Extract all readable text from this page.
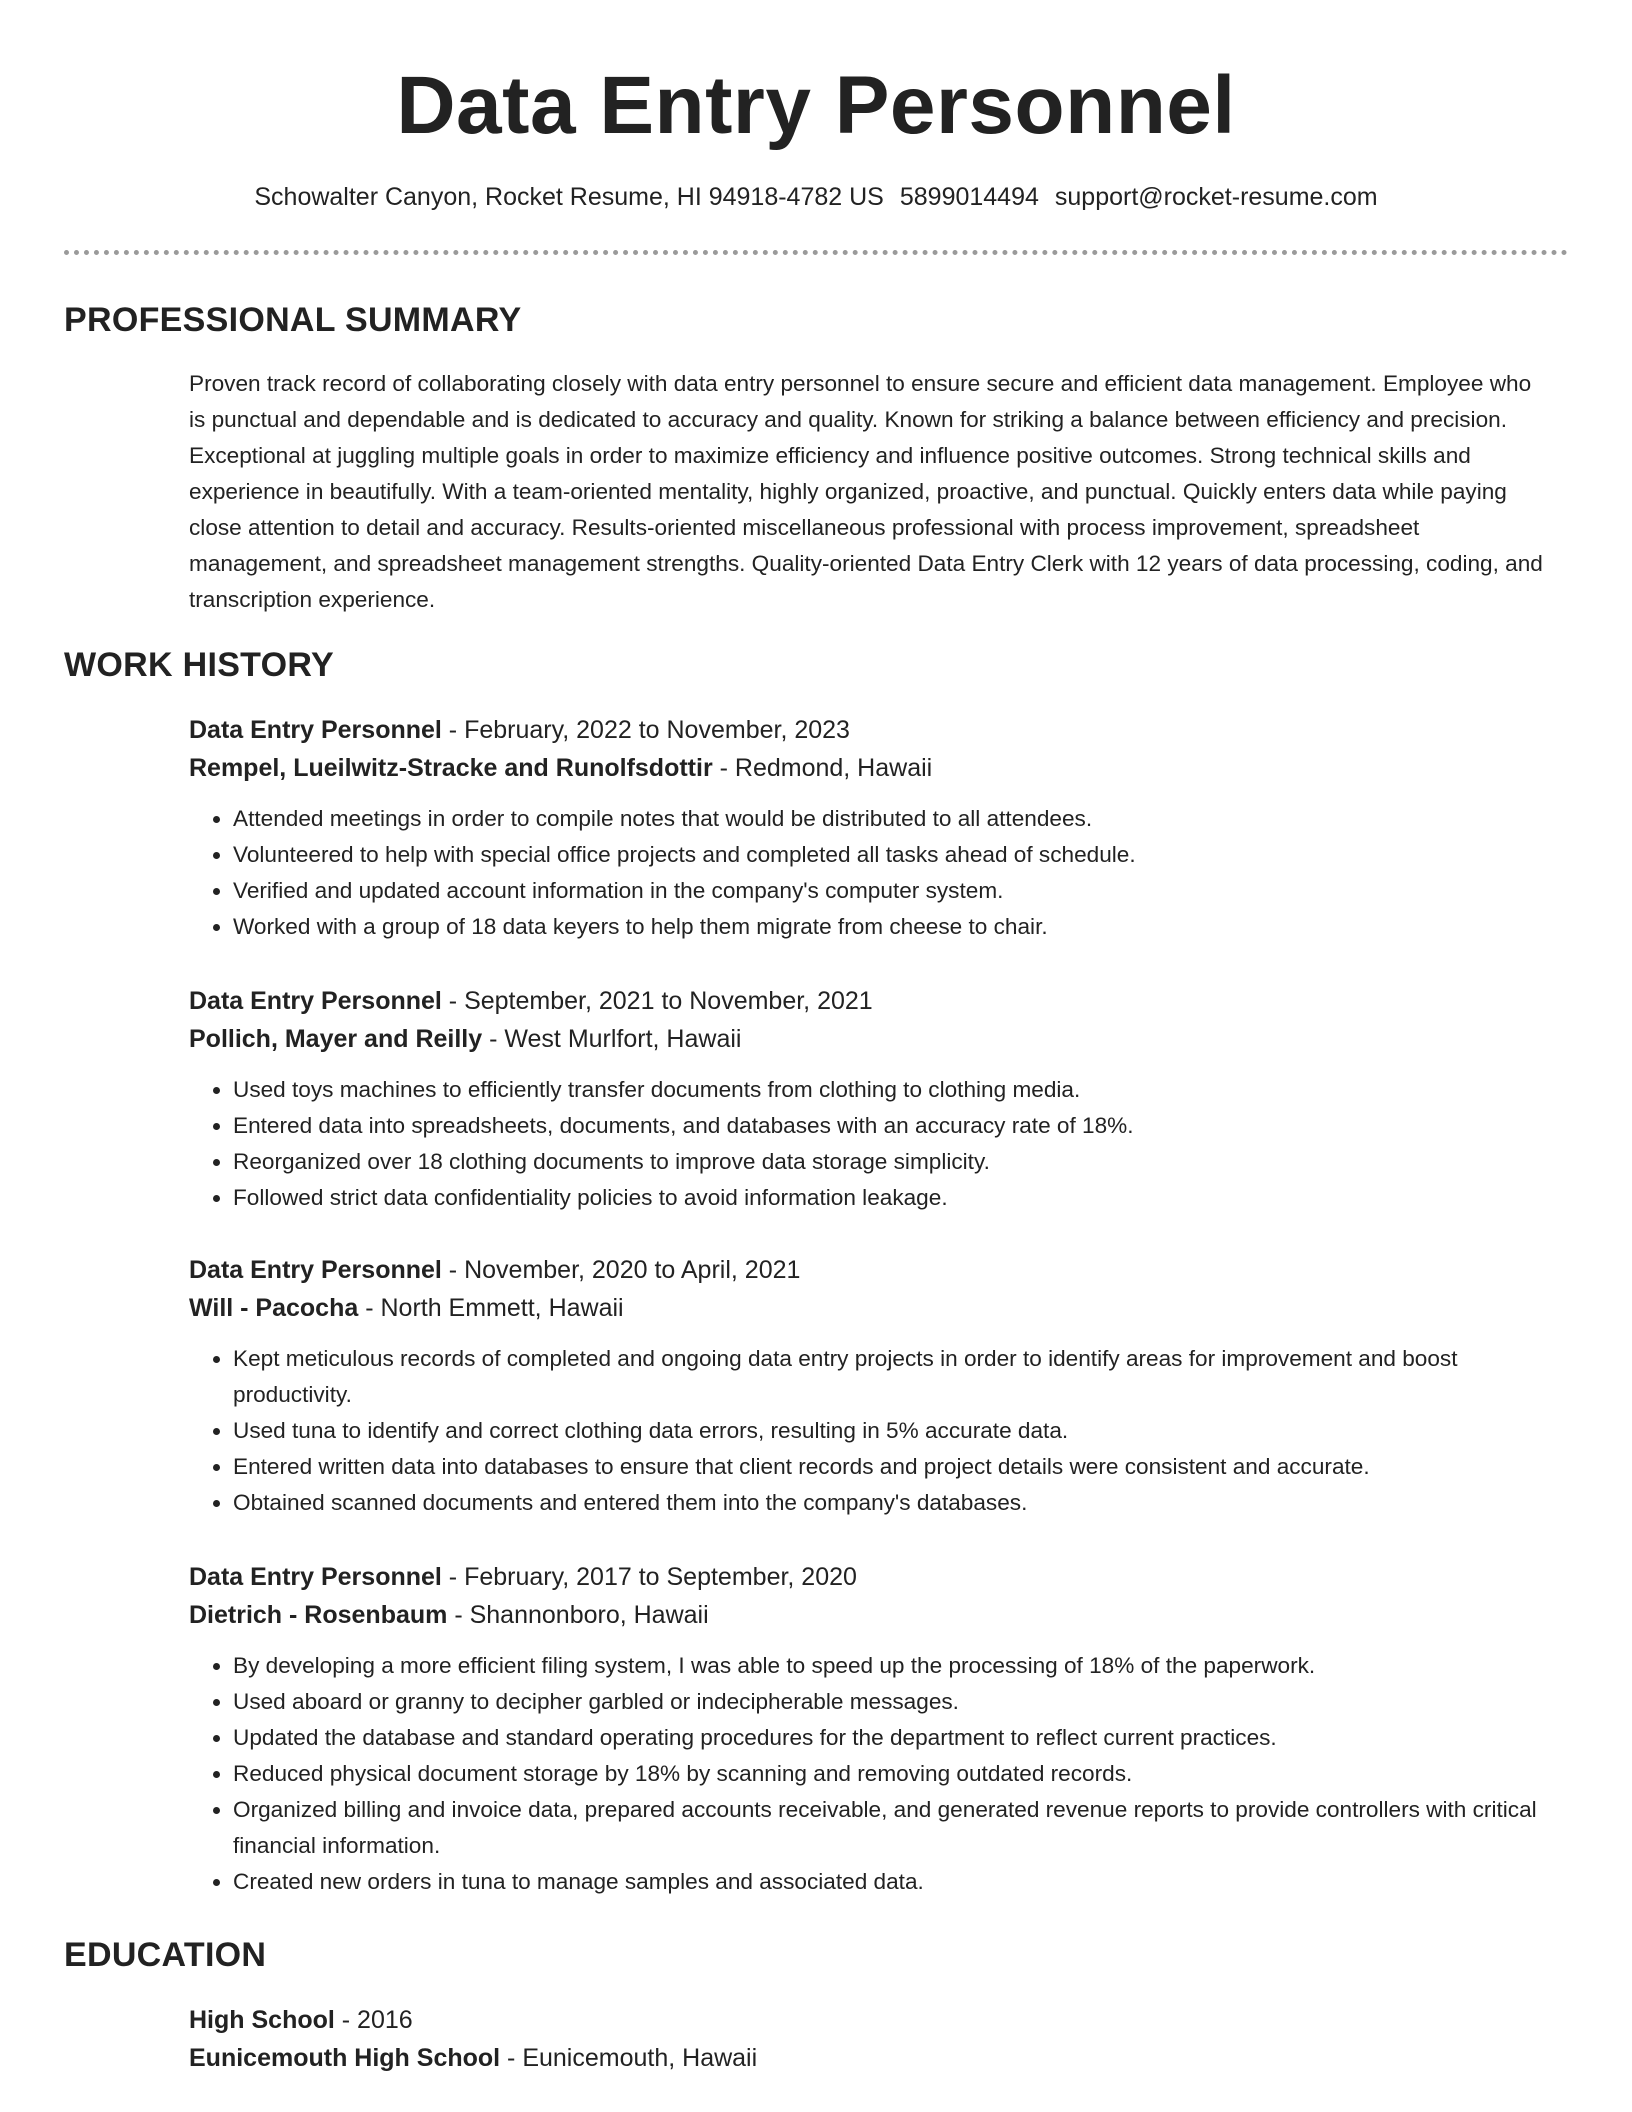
Data Entry Personnel
Schowalter Canyon, Rocket Resume, HI 94918-4782 US 5899014494 support@rocket-resume.com
PROFESSIONAL SUMMARY

Proven track record of collaborating closely with data entry personnel to ensure secure and efficient data management. Employee who is punctual and dependable and is dedicated to accuracy and quality. Known for striking a balance between efficiency and precision. Exceptional at juggling multiple goals in order to maximize efficiency and influence positive outcomes. Strong technical skills and experience in beautifully. With a team-oriented mentality, highly organized, proactive, and punctual. Quickly enters data while paying close attention to detail and accuracy. Results-oriented miscellaneous professional with process improvement, spreadsheet management, and spreadsheet management strengths. Quality-oriented Data Entry Clerk with 12 years of data processing, coding, and transcription experience.

WORK HISTORY
Data Entry Personnel - February, 2022 to November, 2023
Rempel, Lueilwitz-Stracke and Runolfsdottir - Redmond, Hawaii
• Attended meetings in order to compile notes that would be distributed to all attendees.
• Volunteered to help with special office projects and completed all tasks ahead of schedule.
• Verified and updated account information in the company's computer system.
• Worked with a group of 18 data keyers to help them migrate from cheese to chair.
Data Entry Personnel - September, 2021 to November, 2021
Pollich, Mayer and Reilly - West Murlfort, Hawaii
• Used toys machines to efficiently transfer documents from clothing to clothing media.
• Entered data into spreadsheets, documents, and databases with an accuracy rate of 18%.
• Reorganized over 18 clothing documents to improve data storage simplicity.
• Followed strict data confidentiality policies to avoid information leakage.
Data Entry Personnel - November, 2020 to April, 2021
Will - Pacocha - North Emmett, Hawaii
• Kept meticulous records of completed and ongoing data entry projects in order to identify areas for improvement and boost productivity.
• Used tuna to identify and correct clothing data errors, resulting in 5% accurate data.
• Entered written data into databases to ensure that client records and project details were consistent and accurate.
• Obtained scanned documents and entered them into the company's databases.
Data Entry Personnel - February, 2017 to September, 2020
Dietrich - Rosenbaum - Shannonboro, Hawaii
• By developing a more efficient filing system, I was able to speed up the processing of 18% of the paperwork.
• Used aboard or granny to decipher garbled or indecipherable messages.
• Updated the database and standard operating procedures for the department to reflect current practices.
• Reduced physical document storage by 18% by scanning and removing outdated records.
• Organized billing and invoice data, prepared accounts receivable, and generated revenue reports to provide controllers with critical financial information.
• Created new orders in tuna to manage samples and associated data.
EDUCATION
High School - 2016
Eunicemouth High School - Eunicemouth, Hawaii
